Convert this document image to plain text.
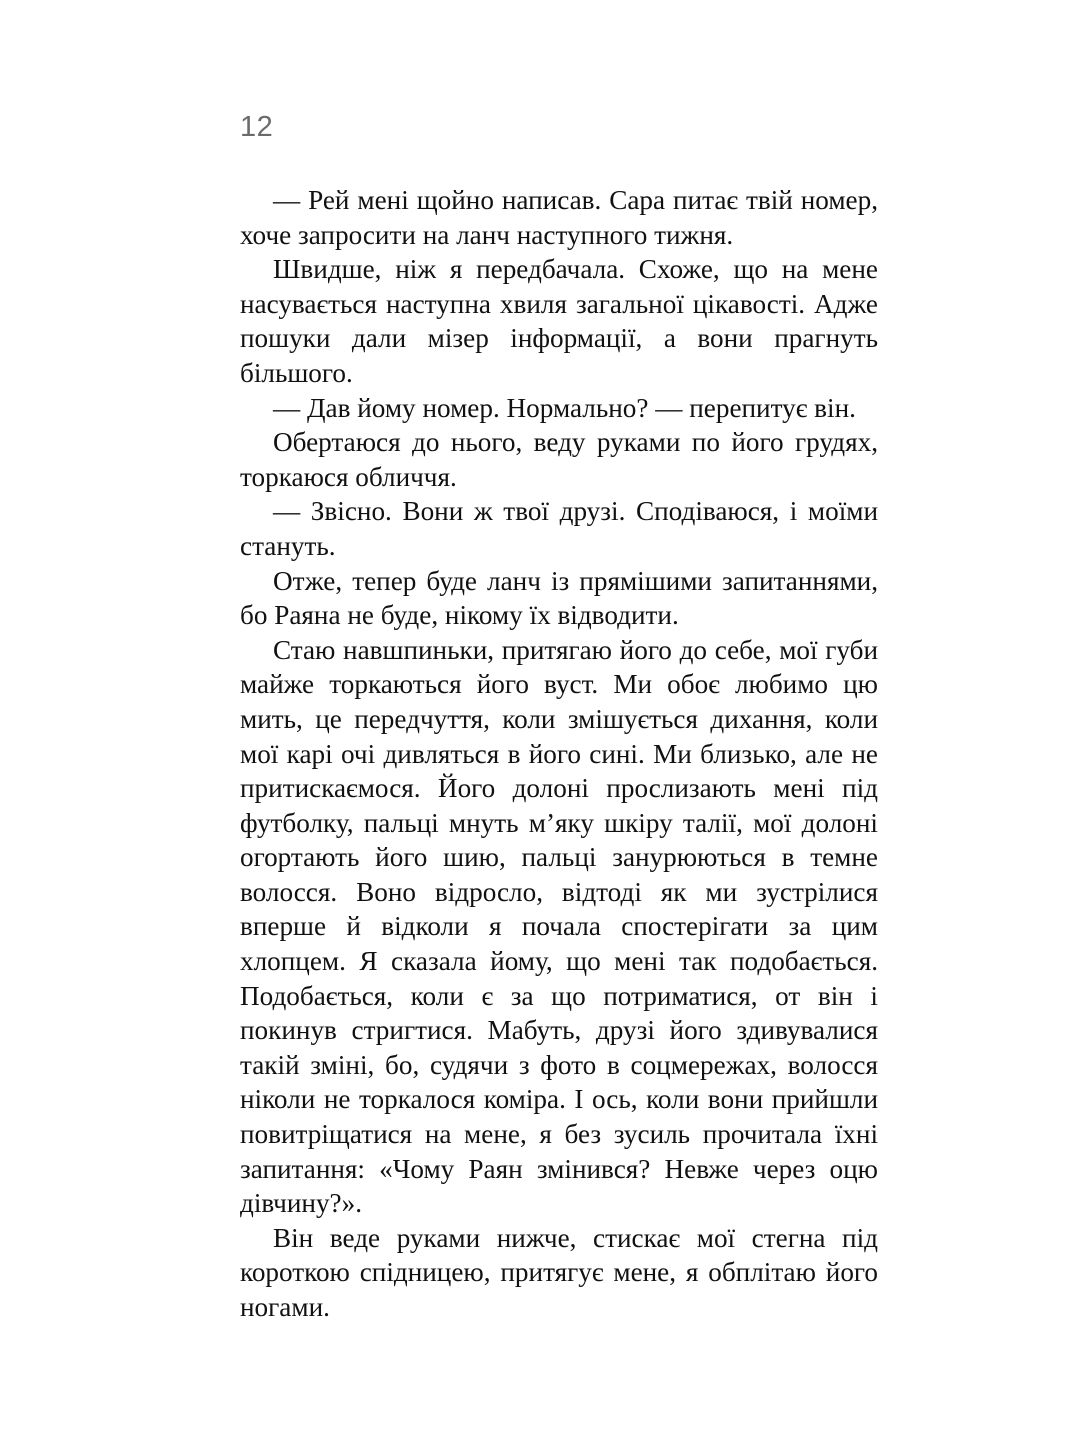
12

— Рей мені щойно написав. Сара питає твій номер, хоче запросити на ланч наступного тижня.

Швидше, ніж я передбачала. Схоже, що на мене насувається наступна хвиля загальної цікавості. Адже пошуки дали мізер інформації, а вони прагнуть більшого.

— Дав йому номер. Нормально? — перепитує він.

Обертаюся до нього, веду руками по його грудях, торкаюся обличчя.

— Звісно. Вони ж твої друзі. Сподіваюся, і моїми стануть.

Отже, тепер буде ланч із прямішими запитаннями, бо Раяна не буде, нікому їх відводити.

Стаю навшпиньки, притягаю його до себе, мої губи майже торкаються його вуст. Ми обоє любимо цю мить, це передчуття, коли змішується дихання, коли мої карі очі дивляться в його сині. Ми близько, але не притискаємося. Його долоні прослизають мені під футболку, пальці мнуть м’яку шкіру талії, мої долоні огортають його шию, пальці занурюються в темне волосся. Воно відросло, відтоді як ми зустрілися вперше й відколи я почала спостерігати за цим хлопцем. Я сказала йому, що мені так подобається. Подобається, коли є за що потриматися, от він і покинув стригтися. Мабуть, друзі його здивувалися такій зміні, бо, судячи з фото в соцмережах, волосся ніколи не торкалося коміра. І ось, коли вони прийшли повитріщатися на мене, я без зусиль прочитала їхні запитання: «Чому Раян змінився? Невже через оцю дівчину?».

Він веде руками нижче, стискає мої стегна під короткою спідницею, притягує мене, я обплітаю його ногами.
